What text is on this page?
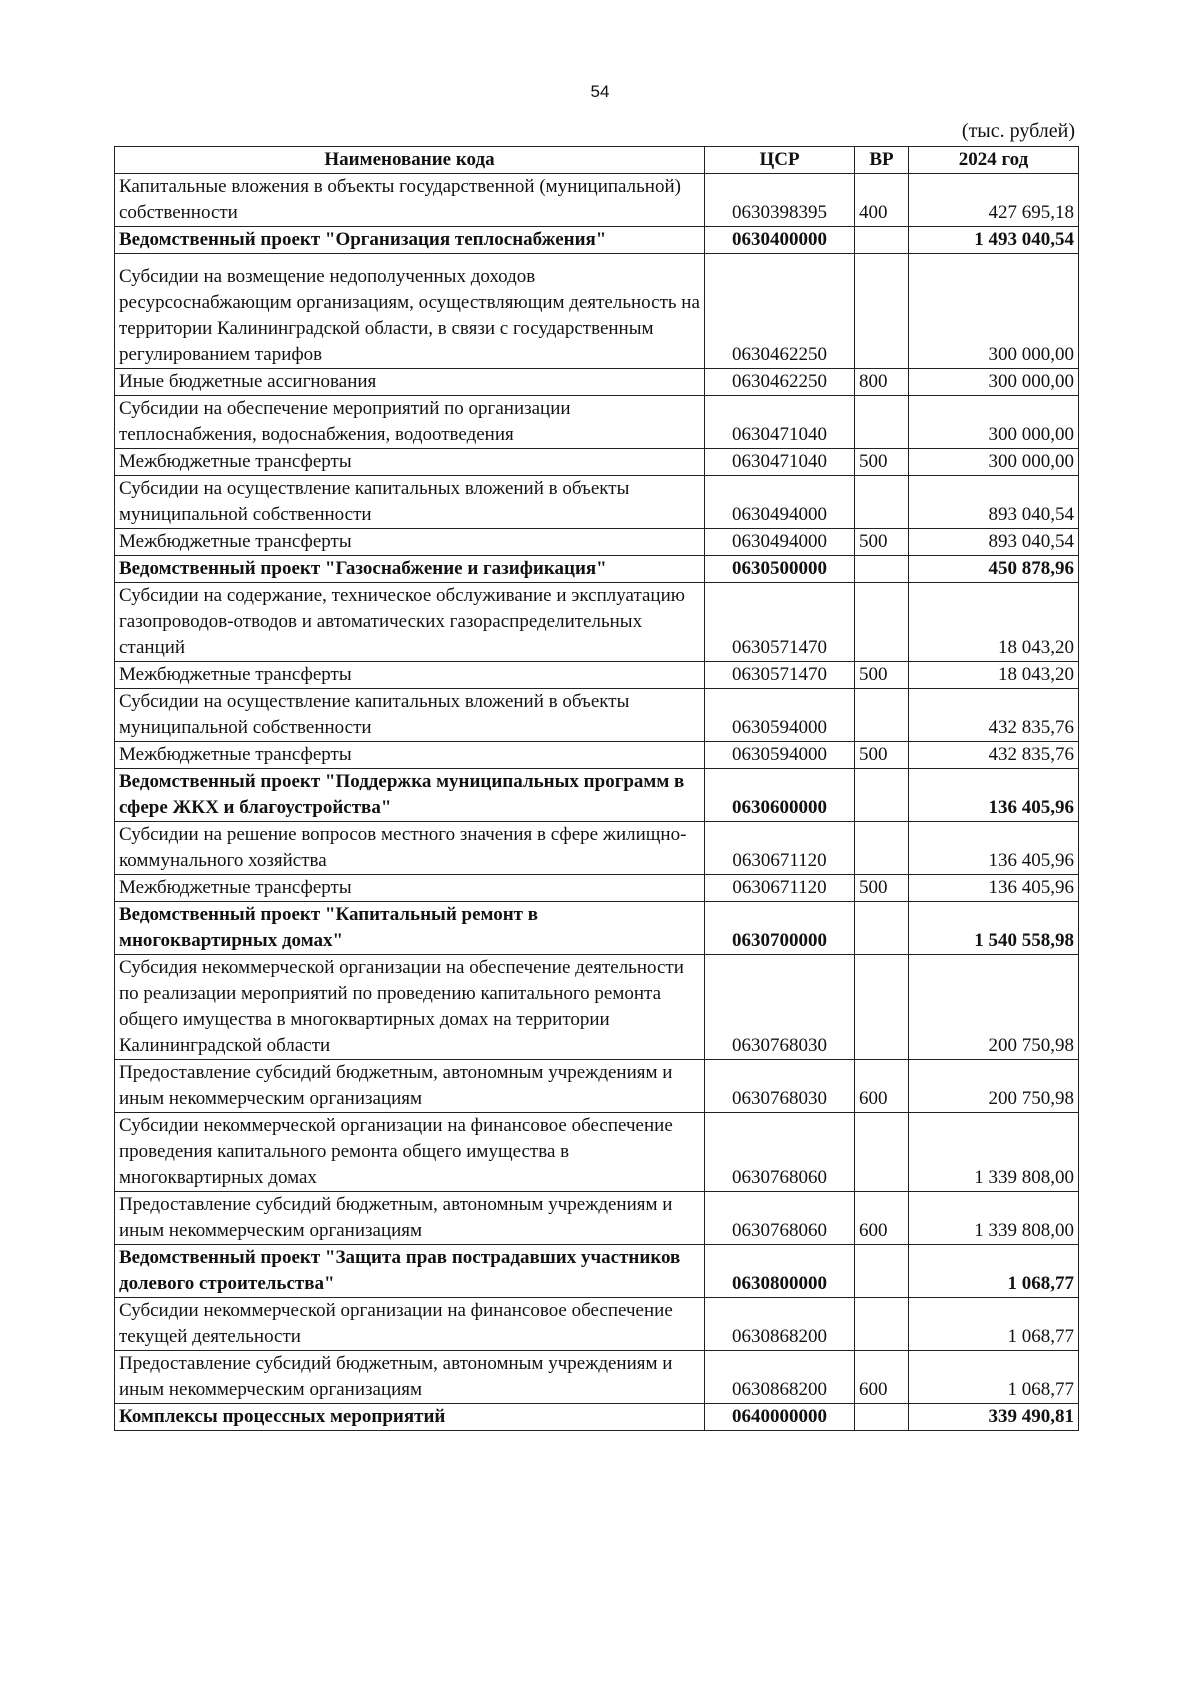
54
(тыс. рублей)
Наименование кода	ЦСР	ВР	2024 год
Капитальные вложения в объекты государственной (муниципальной) собственности	0630398395	400	427 695,18
Ведомственный проект "Организация теплоснабжения"	0630400000		1 493 040,54
Субсидии на возмещение недополученных доходов ресурсоснабжающим организациям, осуществляющим деятельность на территории Калининградской области, в связи с государственным регулированием тарифов	0630462250		300 000,00
Иные бюджетные ассигнования	0630462250	800	300 000,00
Субсидии на обеспечение мероприятий по организации теплоснабжения, водоснабжения, водоотведения	0630471040		300 000,00
Межбюджетные трансферты	0630471040	500	300 000,00
Субсидии на осуществление капитальных вложений в объекты муниципальной собственности	0630494000		893 040,54
Межбюджетные трансферты	0630494000	500	893 040,54
Ведомственный проект "Газоснабжение и газификация"	0630500000		450 878,96
Субсидии на содержание, техническое обслуживание и эксплуатацию газопроводов-отводов и автоматических газораспределительных станций	0630571470		18 043,20
Межбюджетные трансферты	0630571470	500	18 043,20
Субсидии на осуществление капитальных вложений в объекты муниципальной собственности	0630594000		432 835,76
Межбюджетные трансферты	0630594000	500	432 835,76
Ведомственный проект "Поддержка муниципальных программ в сфере ЖКХ и благоустройства"	0630600000		136 405,96
Субсидии на решение вопросов местного значения в сфере жилищно-коммунального хозяйства	0630671120		136 405,96
Межбюджетные трансферты	0630671120	500	136 405,96
Ведомственный проект "Капитальный ремонт в многоквартирных домах"	0630700000		1 540 558,98
Субсидия некоммерческой организации на обеспечение деятельности по реализации мероприятий по проведению капитального ремонта общего имущества в многоквартирных домах на территории Калининградской области	0630768030		200 750,98
Предоставление субсидий бюджетным, автономным учреждениям и иным некоммерческим организациям	0630768030	600	200 750,98
Субсидии некоммерческой организации на финансовое обеспечение проведения капитального ремонта общего имущества в многоквартирных домах	0630768060		1 339 808,00
Предоставление субсидий бюджетным, автономным учреждениям и иным некоммерческим организациям	0630768060	600	1 339 808,00
Ведомственный проект "Защита прав пострадавших участников долевого строительства"	0630800000		1 068,77
Субсидии некоммерческой организации на финансовое обеспечение текущей деятельности	0630868200		1 068,77
Предоставление субсидий бюджетным, автономным учреждениям и иным некоммерческим организациям	0630868200	600	1 068,77
Комплексы процессных мероприятий	0640000000		339 490,81
